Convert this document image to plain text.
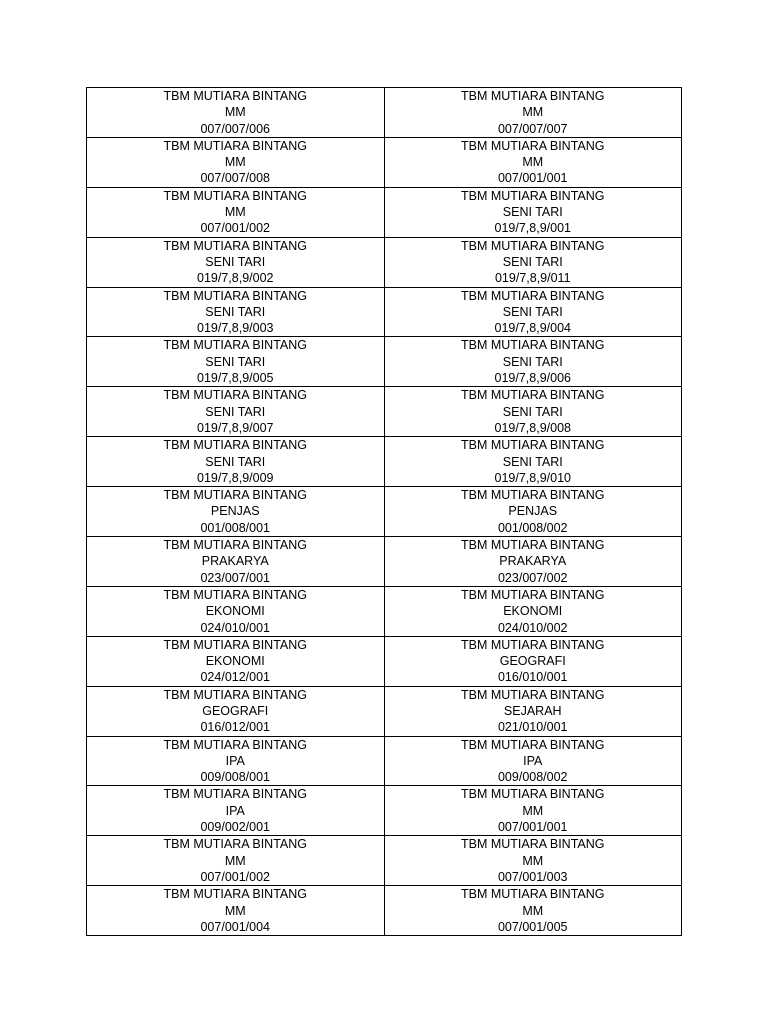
TBM MUTIARA BINTANG
MM
007/007/006	TBM MUTIARA BINTANG
MM
007/007/007

TBM MUTIARA BINTANG
MM
007/007/008	TBM MUTIARA BINTANG
MM
007/001/001

TBM MUTIARA BINTANG
MM
007/001/002	TBM MUTIARA BINTANG
SENI TARI
019/7,8,9/001

TBM MUTIARA BINTANG
SENI TARI
019/7,8,9/002	TBM MUTIARA BINTANG
SENI TARI
019/7,8,9/011

TBM MUTIARA BINTANG
SENI TARI
019/7,8,9/003	TBM MUTIARA BINTANG
SENI TARI
019/7,8,9/004

TBM MUTIARA BINTANG
SENI TARI
019/7,8,9/005	TBM MUTIARA BINTANG
SENI TARI
019/7,8,9/006

TBM MUTIARA BINTANG
SENI TARI
019/7,8,9/007	TBM MUTIARA BINTANG
SENI TARI
019/7,8,9/008

TBM MUTIARA BINTANG
SENI TARI
019/7,8,9/009	TBM MUTIARA BINTANG
SENI TARI
019/7,8,9/010

TBM MUTIARA BINTANG
PENJAS
001/008/001	TBM MUTIARA BINTANG
PENJAS
001/008/002

TBM MUTIARA BINTANG
PRAKARYA
023/007/001	TBM MUTIARA BINTANG
PRAKARYA
023/007/002

TBM MUTIARA BINTANG
EKONOMI
024/010/001	TBM MUTIARA BINTANG
EKONOMI
024/010/002

TBM MUTIARA BINTANG
EKONOMI
024/012/001	TBM MUTIARA BINTANG
GEOGRAFI
016/010/001

TBM MUTIARA BINTANG
GEOGRAFI
016/012/001	TBM MUTIARA BINTANG
SEJARAH
021/010/001

TBM MUTIARA BINTANG
IPA
009/008/001	TBM MUTIARA BINTANG
IPA
009/008/002

TBM MUTIARA BINTANG
IPA
009/002/001	TBM MUTIARA BINTANG
MM
007/001/001

TBM MUTIARA BINTANG
MM
007/001/002	TBM MUTIARA BINTANG
MM
007/001/003

TBM MUTIARA BINTANG
MM
007/001/004	TBM MUTIARA BINTANG
MM
007/001/005
